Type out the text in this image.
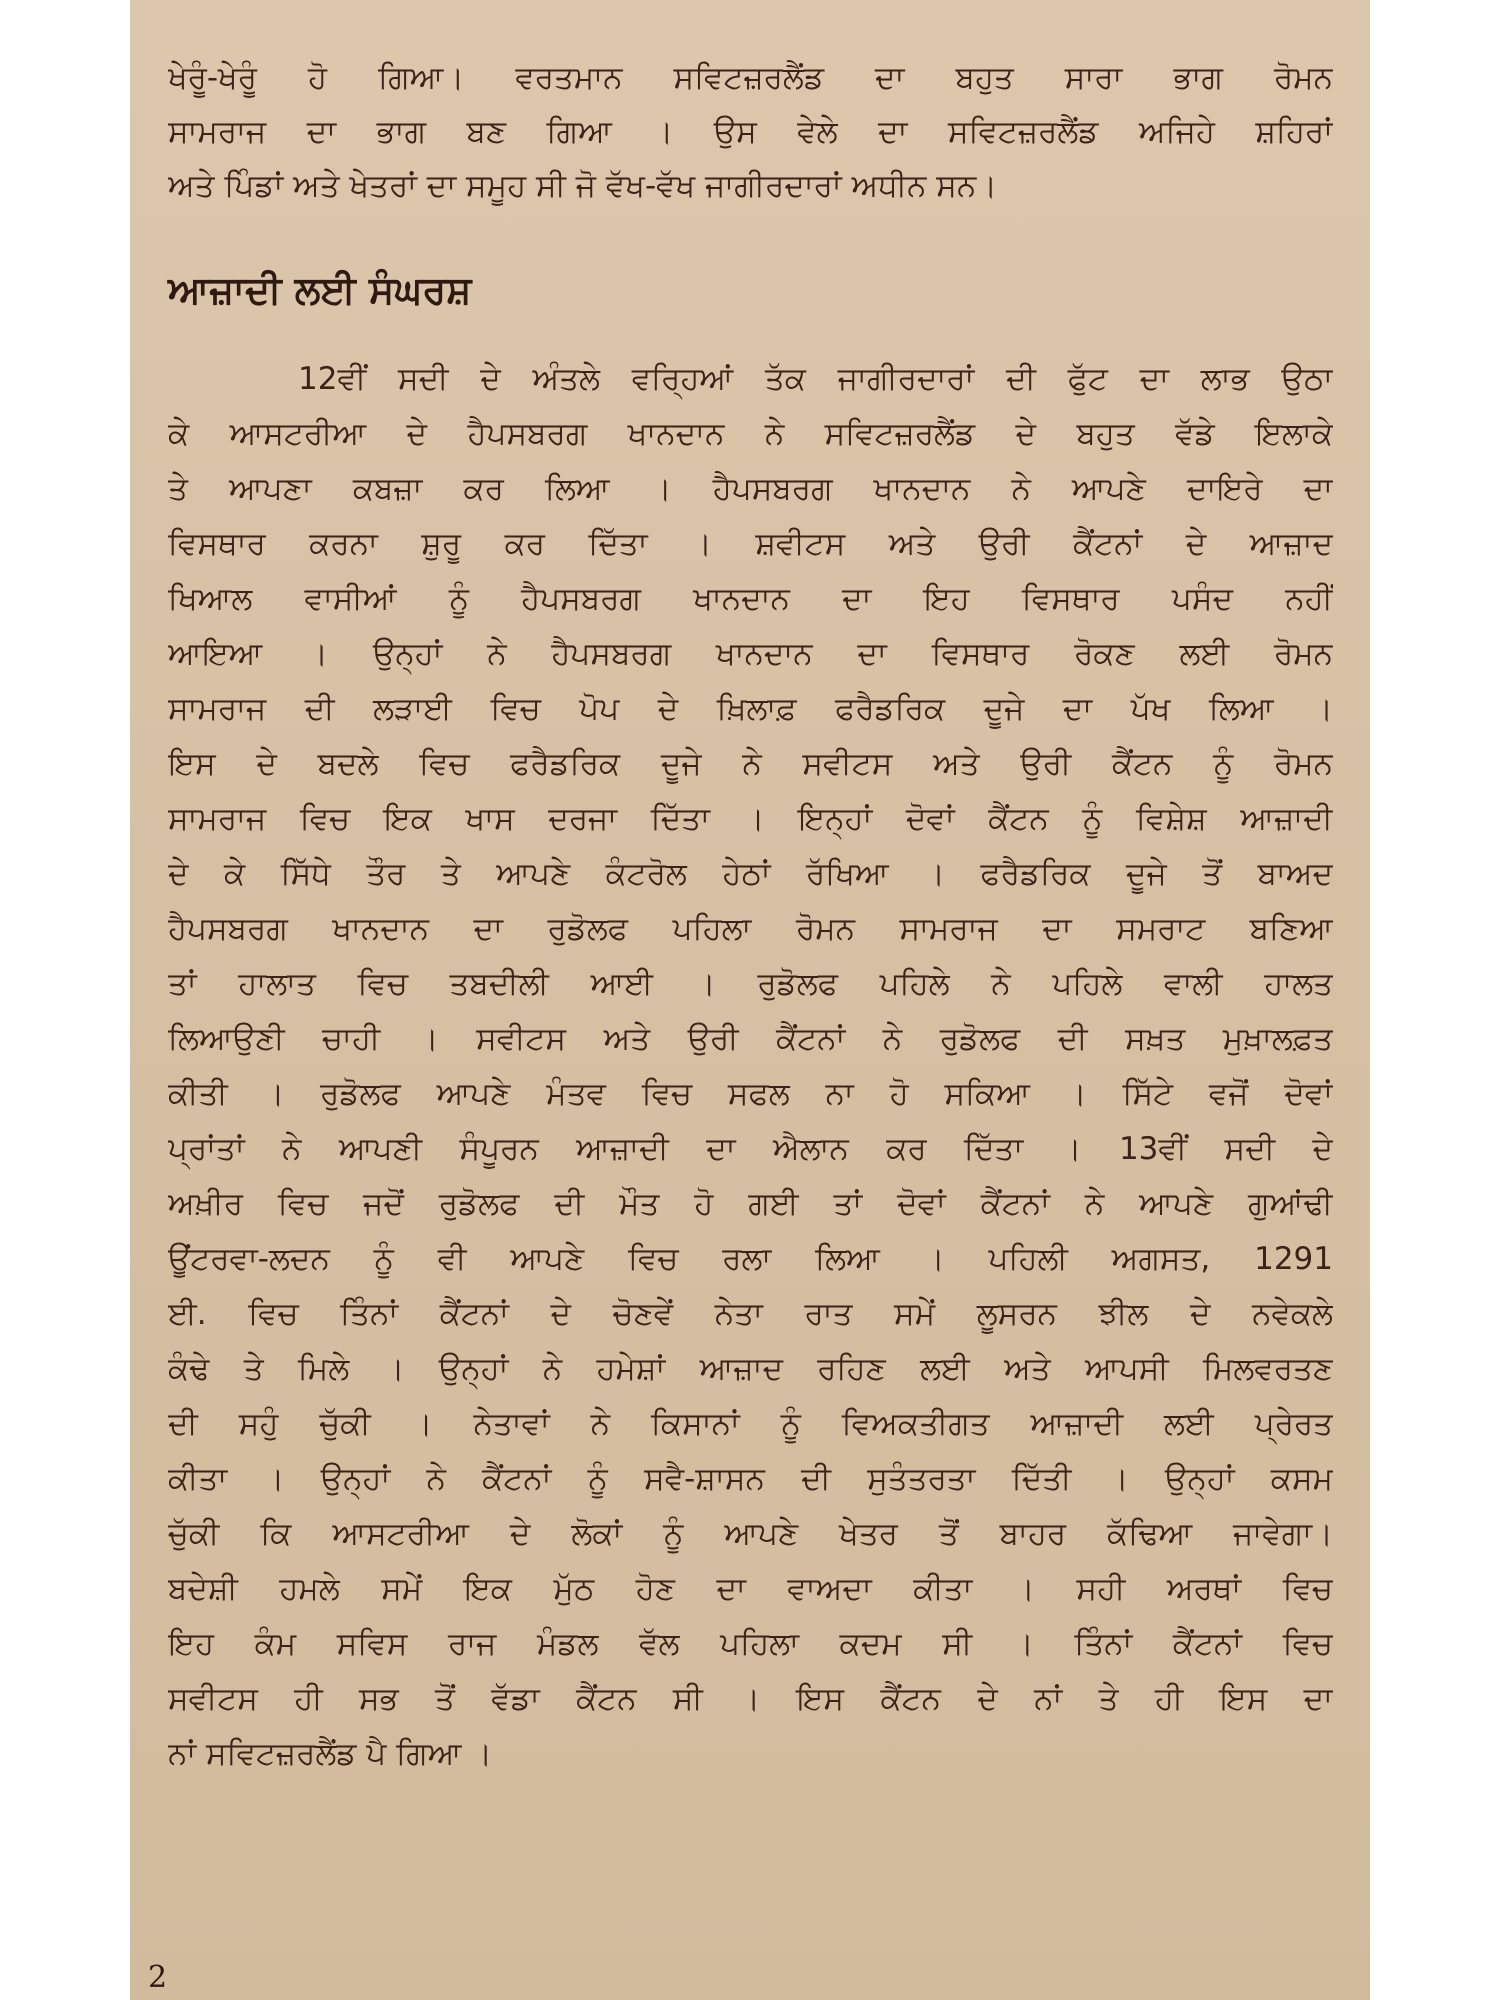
ਖੇਰੂੰ-ਖੇਰੂੰ ਹੋ ਗਿਆ। ਵਰਤਮਾਨ ਸਵਿਟਜ਼ਰਲੈਂਡ ਦਾ ਬਹੁਤ ਸਾਰਾ ਭਾਗ ਰੋਮਨ
ਸਾਮਰਾਜ ਦਾ ਭਾਗ ਬਣ ਗਿਆ । ਉਸ ਵੇਲੇ ਦਾ ਸਵਿਟਜ਼ਰਲੈਂਡ ਅਜਿਹੇ ਸ਼ਹਿਰਾਂ
ਅਤੇ ਪਿੰਡਾਂ ਅਤੇ ਖੇਤਰਾਂ ਦਾ ਸਮੂਹ ਸੀ ਜੋ ਵੱਖ-ਵੱਖ ਜਾਗੀਰਦਾਰਾਂ ਅਧੀਨ ਸਨ।
ਆਜ਼ਾਦੀ ਲਈ ਸੰਘਰਸ਼
12ਵੀਂ ਸਦੀ ਦੇ ਅੰਤਲੇ ਵਰ੍ਹਿਆਂ ਤੱਕ ਜਾਗੀਰਦਾਰਾਂ ਦੀ ਫੁੱਟ ਦਾ ਲਾਭ ਉਠਾ
ਕੇ ਆਸਟਰੀਆ ਦੇ ਹੈਪਸਬਰਗ ਖਾਨਦਾਨ ਨੇ ਸਵਿਟਜ਼ਰਲੈਂਡ ਦੇ ਬਹੁਤ ਵੱਡੇ ਇਲਾਕੇ
ਤੇ ਆਪਣਾ ਕਬਜ਼ਾ ਕਰ ਲਿਆ । ਹੈਪਸਬਰਗ ਖਾਨਦਾਨ ਨੇ ਆਪਣੇ ਦਾਇਰੇ ਦਾ
ਵਿਸਥਾਰ ਕਰਨਾ ਸ਼ੁਰੂ ਕਰ ਦਿੱਤਾ । ਸ਼ਵੀਟਸ ਅਤੇ ਉਰੀ ਕੈਂਟਨਾਂ ਦੇ ਆਜ਼ਾਦ
ਖਿਆਲ ਵਾਸੀਆਂ ਨੂੰ ਹੈਪਸਬਰਗ ਖਾਨਦਾਨ ਦਾ ਇਹ ਵਿਸਥਾਰ ਪਸੰਦ ਨਹੀਂ
ਆਇਆ । ਉਨ੍ਹਾਂ ਨੇ ਹੈਪਸਬਰਗ ਖਾਨਦਾਨ ਦਾ ਵਿਸਥਾਰ ਰੋਕਣ ਲਈ ਰੋਮਨ
ਸਾਮਰਾਜ ਦੀ ਲੜਾਈ ਵਿਚ ਪੋਪ ਦੇ ਖ਼ਿਲਾਫ਼ ਫਰੈਡਰਿਕ ਦੂਜੇ ਦਾ ਪੱਖ ਲਿਆ ।
ਇਸ ਦੇ ਬਦਲੇ ਵਿਚ ਫਰੈਡਰਿਕ ਦੂਜੇ ਨੇ ਸਵੀਟਸ ਅਤੇ ਉਰੀ ਕੈਂਟਨ ਨੂੰ ਰੋਮਨ
ਸਾਮਰਾਜ ਵਿਚ ਇਕ ਖਾਸ ਦਰਜਾ ਦਿੱਤਾ । ਇਨ੍ਹਾਂ ਦੋਵਾਂ ਕੈਂਟਨ ਨੂੰ ਵਿਸ਼ੇਸ਼ ਆਜ਼ਾਦੀ
ਦੇ ਕੇ ਸਿੱਧੇ ਤੌਰ ਤੇ ਆਪਣੇ ਕੰਟਰੋਲ ਹੇਠਾਂ ਰੱਖਿਆ । ਫਰੈਡਰਿਕ ਦੂਜੇ ਤੋਂ ਬਾਅਦ
ਹੈਪਸਬਰਗ ਖਾਨਦਾਨ ਦਾ ਰੁਡੋਲਫ ਪਹਿਲਾ ਰੋਮਨ ਸਾਮਰਾਜ ਦਾ ਸਮਰਾਟ ਬਣਿਆ
ਤਾਂ ਹਾਲਾਤ ਵਿਚ ਤਬਦੀਲੀ ਆਈ । ਰੁਡੋਲਫ ਪਹਿਲੇ ਨੇ ਪਹਿਲੇ ਵਾਲੀ ਹਾਲਤ
ਲਿਆਉਣੀ ਚਾਹੀ । ਸਵੀਟਸ ਅਤੇ ਉਰੀ ਕੈਂਟਨਾਂ ਨੇ ਰੁਡੋਲਫ ਦੀ ਸਖ਼ਤ ਮੁਖ਼ਾਲਫ਼ਤ
ਕੀਤੀ । ਰੁਡੋਲਫ ਆਪਣੇ ਮੰਤਵ ਵਿਚ ਸਫਲ ਨਾ ਹੋ ਸਕਿਆ । ਸਿੱਟੇ ਵਜੋਂ ਦੋਵਾਂ
ਪ੍ਰਾਂਤਾਂ ਨੇ ਆਪਣੀ ਸੰਪੂਰਨ ਆਜ਼ਾਦੀ ਦਾ ਐਲਾਨ ਕਰ ਦਿੱਤਾ । 13ਵੀਂ ਸਦੀ ਦੇ
ਅਖ਼ੀਰ ਵਿਚ ਜਦੋਂ ਰੁਡੋਲਫ ਦੀ ਮੌਤ ਹੋ ਗਈ ਤਾਂ ਦੋਵਾਂ ਕੈਂਟਨਾਂ ਨੇ ਆਪਣੇ ਗੁਆਂਢੀ
ਊਂਟਰਵਾ-ਲਦਨ ਨੂੰ ਵੀ ਆਪਣੇ ਵਿਚ ਰਲਾ ਲਿਆ । ਪਹਿਲੀ ਅਗਸਤ, 1291
ਈ. ਵਿਚ ਤਿੰਨਾਂ ਕੈਂਟਨਾਂ ਦੇ ਚੋਣਵੇਂ ਨੇਤਾ ਰਾਤ ਸਮੇਂ ਲੂਸਰਨ ਝੀਲ ਦੇ ਨਵੇਕਲੇ
ਕੰਢੇ ਤੇ ਮਿਲੇ । ਉਨ੍ਹਾਂ ਨੇ ਹਮੇਸ਼ਾਂ ਆਜ਼ਾਦ ਰਹਿਣ ਲਈ ਅਤੇ ਆਪਸੀ ਮਿਲਵਰਤਣ
ਦੀ ਸਹੁੰ ਚੁੱਕੀ । ਨੇਤਾਵਾਂ ਨੇ ਕਿਸਾਨਾਂ ਨੂੰ ਵਿਅਕਤੀਗਤ ਆਜ਼ਾਦੀ ਲਈ ਪ੍ਰੇਰਤ
ਕੀਤਾ । ਉਨ੍ਹਾਂ ਨੇ ਕੈਂਟਨਾਂ ਨੂੰ ਸਵੈ-ਸ਼ਾਸਨ ਦੀ ਸੁਤੰਤਰਤਾ ਦਿੱਤੀ । ਉਨ੍ਹਾਂ ਕਸਮ
ਚੁੱਕੀ ਕਿ ਆਸਟਰੀਆ ਦੇ ਲੋਕਾਂ ਨੂੰ ਆਪਣੇ ਖੇਤਰ ਤੋਂ ਬਾਹਰ ਕੱਢਿਆ ਜਾਵੇਗਾ।
ਬਦੇਸ਼ੀ ਹਮਲੇ ਸਮੇਂ ਇਕ ਮੁੱਠ ਹੋਣ ਦਾ ਵਾਅਦਾ ਕੀਤਾ । ਸਹੀ ਅਰਥਾਂ ਵਿਚ
ਇਹ ਕੰਮ ਸਵਿਸ ਰਾਜ ਮੰਡਲ ਵੱਲ ਪਹਿਲਾ ਕਦਮ ਸੀ । ਤਿੰਨਾਂ ਕੈਂਟਨਾਂ ਵਿਚ
ਸਵੀਟਸ ਹੀ ਸਭ ਤੋਂ ਵੱਡਾ ਕੈਂਟਨ ਸੀ । ਇਸ ਕੈਂਟਨ ਦੇ ਨਾਂ ਤੇ ਹੀ ਇਸ ਦਾ
ਨਾਂ ਸਵਿਟਜ਼ਰਲੈਂਡ ਪੈ ਗਿਆ ।
2
